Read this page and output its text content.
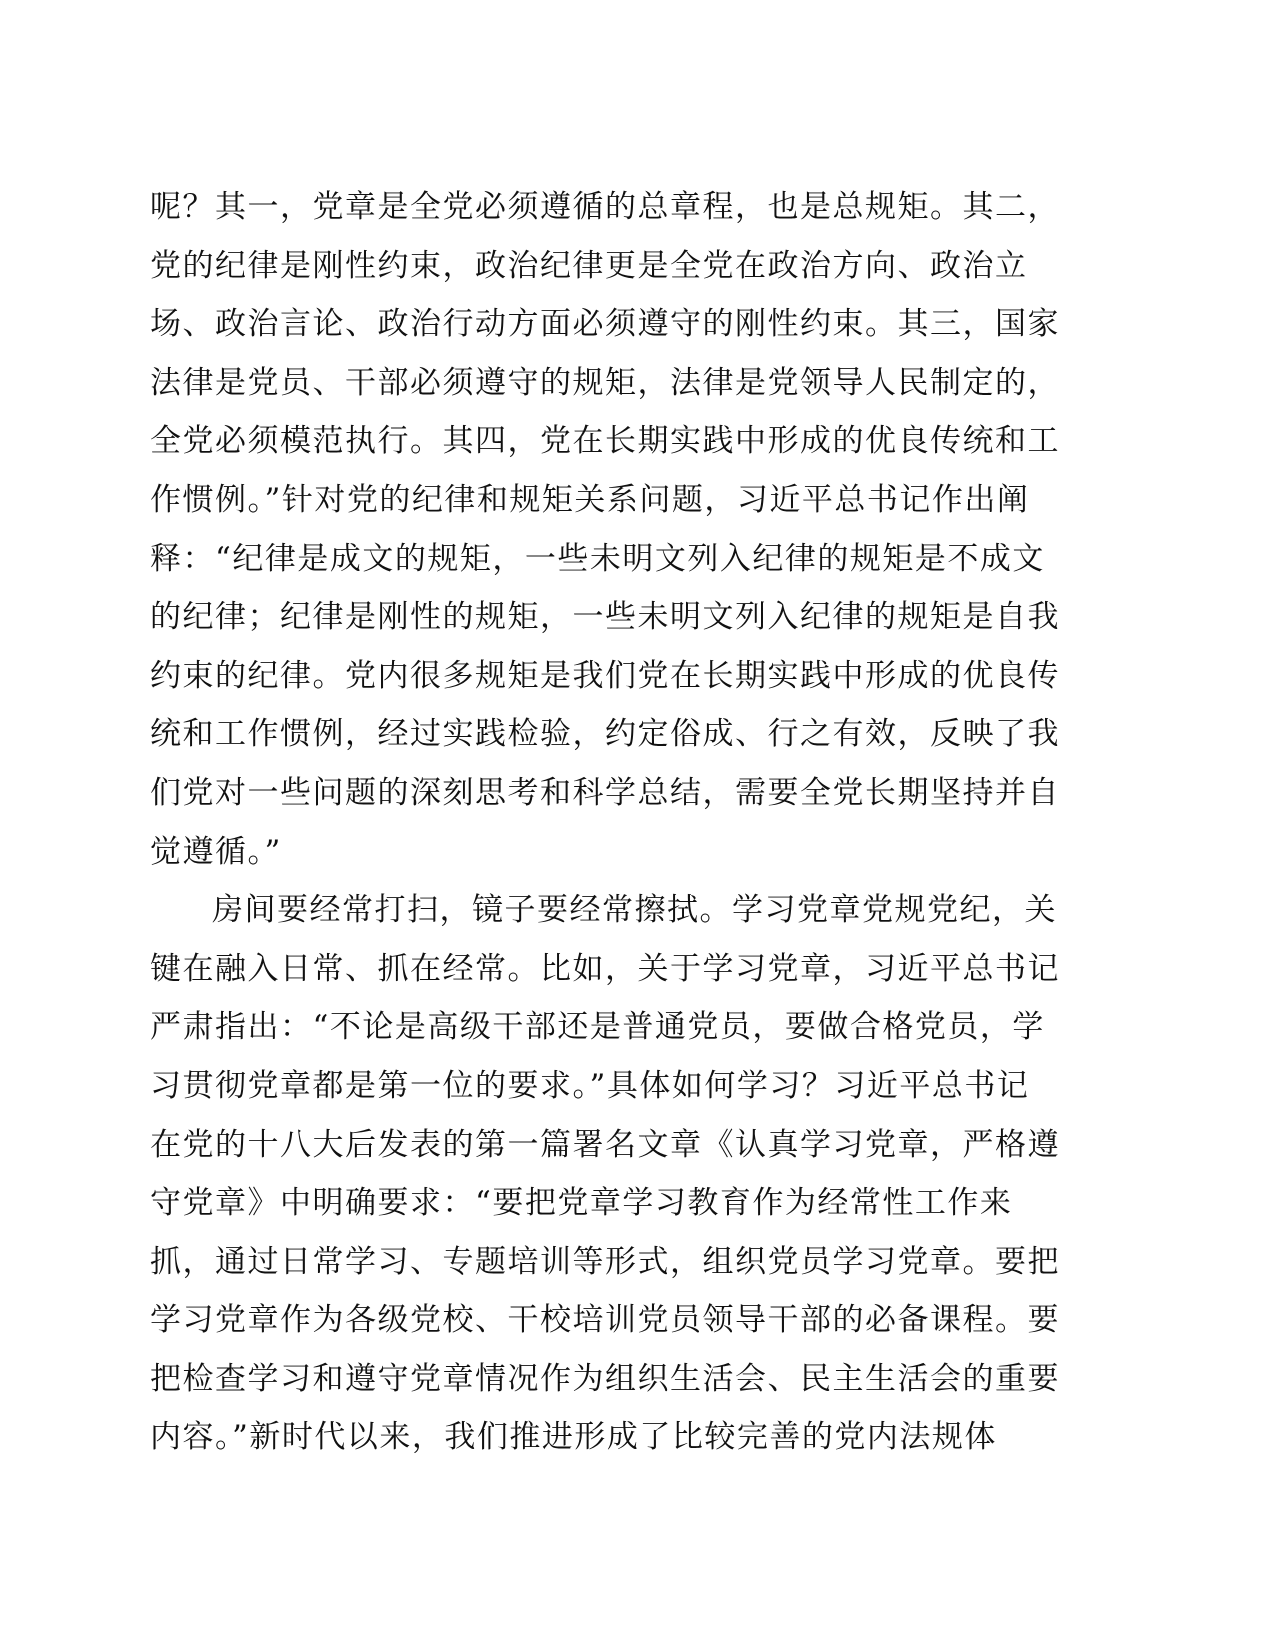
呢？其一，党章是全党必须遵循的总章程，也是总规矩。其二，
党的纪律是刚性约束，政治纪律更是全党在政治方向、政治立
场、政治言论、政治行动方面必须遵守的刚性约束。其三，国家
法律是党员、干部必须遵守的规矩，法律是党领导人民制定的，
全党必须模范执行。其四，党在长期实践中形成的优良传统和工
作惯例。”针对党的纪律和规矩关系问题，习近平总书记作出阐
释：“纪律是成文的规矩，一些未明文列入纪律的规矩是不成文
的纪律；纪律是刚性的规矩，一些未明文列入纪律的规矩是自我
约束的纪律。党内很多规矩是我们党在长期实践中形成的优良传
统和工作惯例，经过实践检验，约定俗成、行之有效，反映了我
们党对一些问题的深刻思考和科学总结，需要全党长期坚持并自
觉遵循。”
房间要经常打扫，镜子要经常擦拭。学习党章党规党纪，关
键在融入日常、抓在经常。比如，关于学习党章，习近平总书记
严肃指出：“不论是高级干部还是普通党员，要做合格党员，学
习贯彻党章都是第一位的要求。”具体如何学习？习近平总书记
在党的十八大后发表的第一篇署名文章《认真学习党章，严格遵
守党章》中明确要求：“要把党章学习教育作为经常性工作来
抓，通过日常学习、专题培训等形式，组织党员学习党章。要把
学习党章作为各级党校、干校培训党员领导干部的必备课程。要
把检查学习和遵守党章情况作为组织生活会、民主生活会的重要
内容。”新时代以来，我们推进形成了比较完善的党内法规体
